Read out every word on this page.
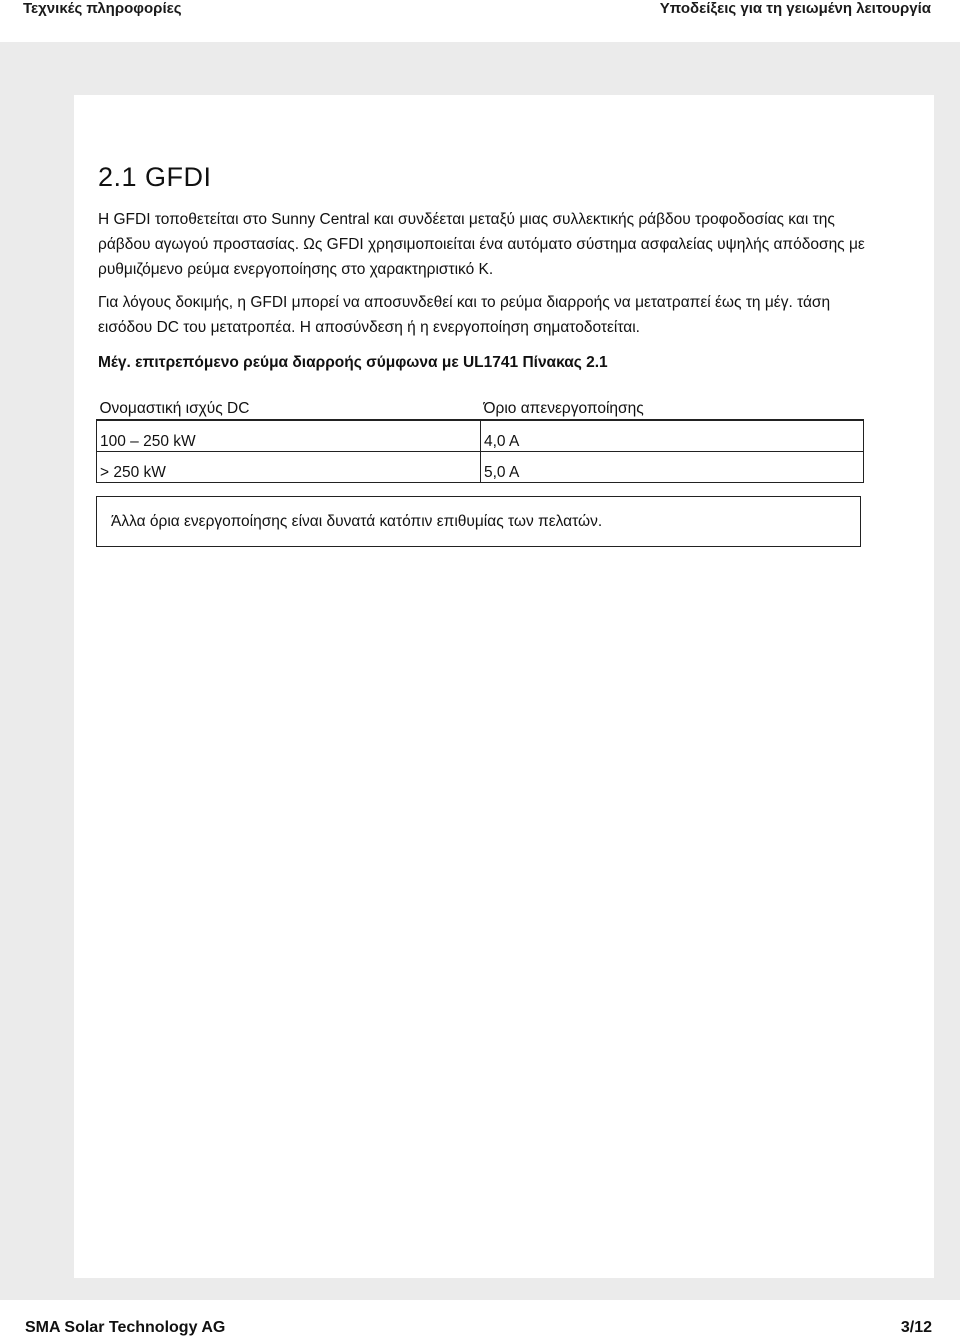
Τεχνικές πληροφορίες	Υποδείξεις για τη γειωμένη λειτουργία
2.1 GFDI
Η GFDI τοποθετείται στο Sunny Central και συνδέεται μεταξύ μιας συλλεκτικής ράβδου τροφοδοσίας και της ράβδου αγωγού προστασίας. Ως GFDI χρησιμοποιείται ένα αυτόματο σύστημα ασφαλείας υψηλής απόδοσης με ρυθμιζόμενο ρεύμα ενεργοποίησης στο χαρακτηριστικό K.
Για λόγους δοκιμής, η GFDI μπορεί να αποσυνδεθεί και το ρεύμα διαρροής να μετατραπεί έως τη μέγ. τάση εισόδου DC του μετατροπέα. Η αποσύνδεση ή η ενεργοποίηση σηματοδοτείται.
Μέγ. επιτρεπόμενο ρεύμα διαρροής σύμφωνα με UL1741 Πίνακας 2.1
Ονομαστική ισχύς DC	Όριο απενεργοποίησης
100 – 250 kW	4,0 A
> 250 kW	5,0 A
Άλλα όρια ενεργοποίησης είναι δυνατά κατόπιν επιθυμίας των πελατών.
SMA Solar Technology AG	3/12
